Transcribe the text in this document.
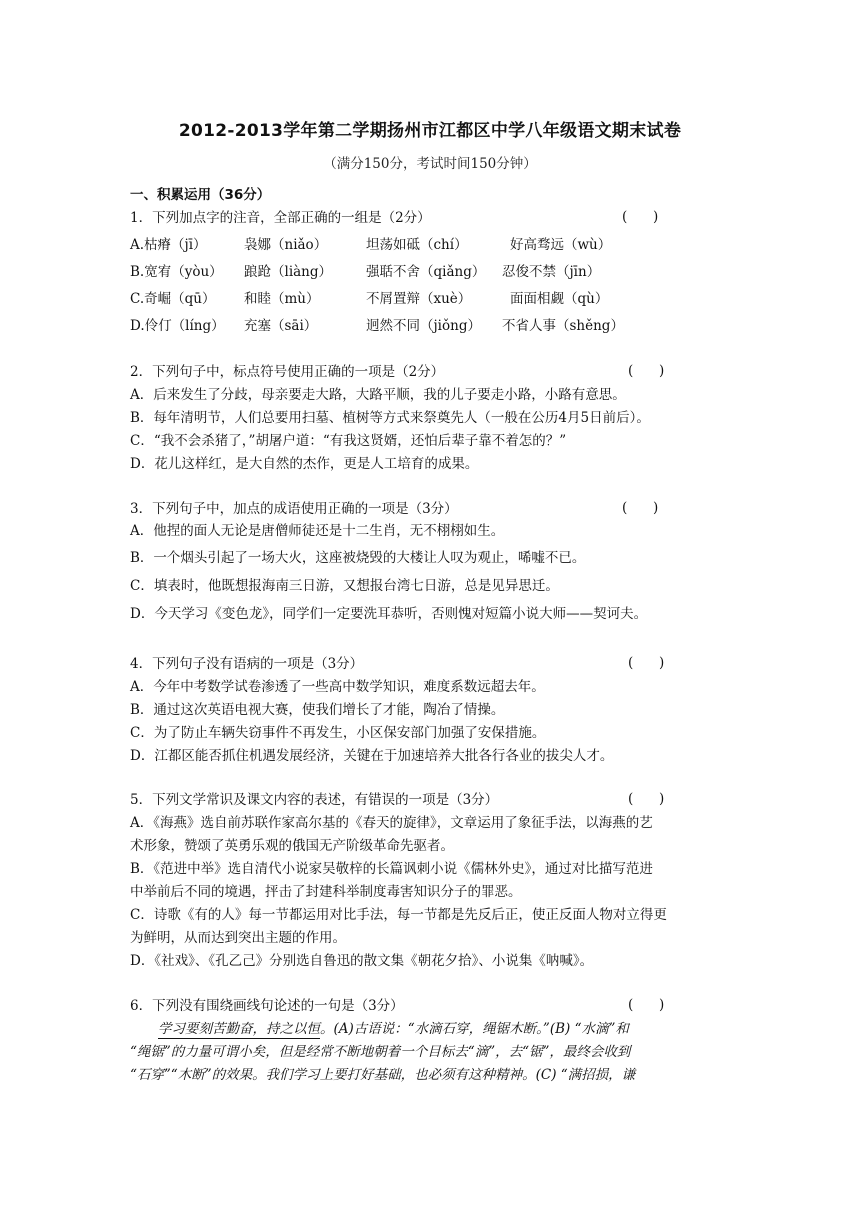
2012-2013学年第二学期扬州市江都区中学八年级语文期末试卷
（满分150分，考试时间150分钟）
一、积累运用（36分）
1．下列加点字的注音，全部正确的一组是（2分）	(      )
A.枯瘠（jī）	袅娜（niǎo）	坦荡如砥（chí）	好高骛远（wù）
B.宽宥（yòu） 踉跄（liàng）	强聒不舍（qiǎng） 忍俊不禁（jīn）
C.奇崛（qū） 和睦（mù）	不屑置辩（xuè）	面面相觑（qù）
D.伶仃（líng） 充塞（sāi）	迥然不同（jiǒng） 不省人事（shěng）
2．下列句子中，标点符号使用正确的一项是（2分）	(      )
A．后来发生了分歧，母亲要走大路，大路平顺，我的儿子要走小路，小路有意思。
B．每年清明节，人们总要用扫墓、植树等方式来祭奠先人（一般在公历4月5日前后）。
C．“我不会杀猪了，”胡屠户道：“有我这贤婿，还怕后辈子靠不着怎的？”
D．花儿这样红，是大自然的杰作，更是人工培育的成果。
3．下列句子中，加点的成语使用正确的一项是（3分）	(      )
A．他捏的面人无论是唐僧师徒还是十二生肖，无不栩栩如生。
B．一个烟头引起了一场大火，这座被烧毁的大楼让人叹为观止，唏嘘不已。
C．填表时，他既想报海南三日游，又想报台湾七日游，总是见异思迁。
D．今天学习《变色龙》，同学们一定要洗耳恭听，否则愧对短篇小说大师——契诃夫。
4．下列句子没有语病的一项是（3分）	(      )
A．今年中考数学试卷渗透了一些高中数学知识，难度系数远超去年。
B．通过这次英语电视大赛，使我们增长了才能，陶冶了情操。
C．为了防止车辆失窃事件不再发生，小区保安部门加强了安保措施。
D．江都区能否抓住机遇发展经济，关键在于加速培养大批各行各业的拔尖人才。
5．下列文学常识及课文内容的表述，有错误的一项是（3分）	(      )
A．《海燕》选自前苏联作家高尔基的《春天的旋律》，文章运用了象征手法，以海燕的艺
术形象，赞颂了英勇乐观的俄国无产阶级革命先驱者。
B．《范进中举》选自清代小说家吴敬梓的长篇讽刺小说《儒林外史》，通过对比描写范进
中举前后不同的境遇，抨击了封建科举制度毒害知识分子的罪恶。
C．诗歌《有的人》每一节都运用对比手法，每一节都是先反后正，使正反面人物对立得更
为鲜明，从而达到突出主题的作用。
D．《社戏》、《孔乙己》分别选自鲁迅的散文集《朝花夕拾》、小说集《呐喊》。
6．下列没有围绕画线句论述的一句是（3分）	(      )
学习要刻苦勤奋，持之以恒。(A)古语说：“水滴石穿，绳锯木断。”(B) “水滴”和
“绳锯”的力量可谓小矣，但是经常不断地朝着一个目标去“滴”，去“锯”，最终会收到
“石穿”“木断”的效果。我们学习上要打好基础，也必须有这种精神。(C) “满招损，谦
